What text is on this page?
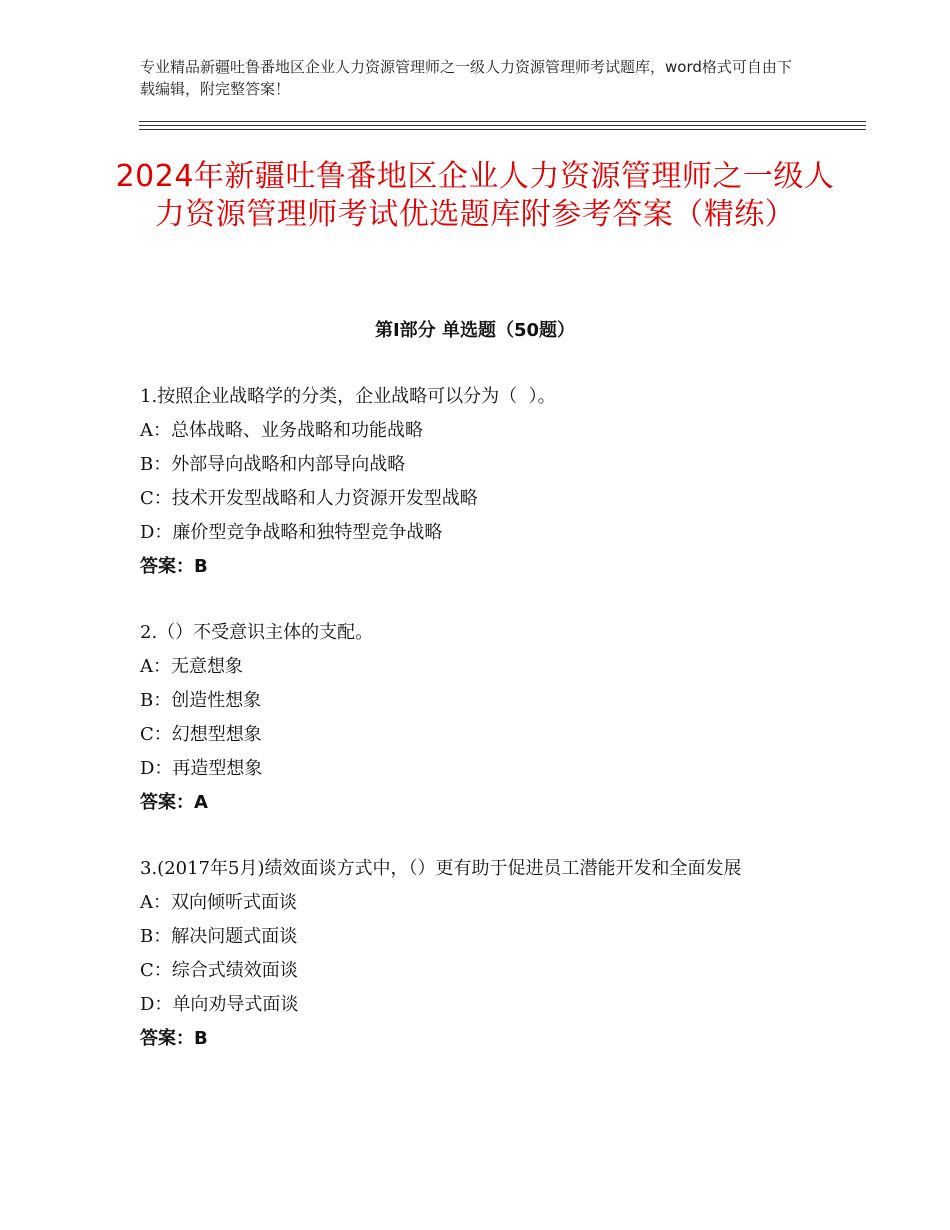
专业精品新疆吐鲁番地区企业人力资源管理师之一级人力资源管理师考试题库，word格式可自由下载编辑，附完整答案！
2024年新疆吐鲁番地区企业人力资源管理师之一级人力资源管理师考试优选题库附参考答案（精练）
第Ⅰ部分 单选题（50题）
1.按照企业战略学的分类，企业战略可以分为（  ）。
A：总体战略、业务战略和功能战略
B：外部导向战略和内部导向战略
C：技术开发型战略和人力资源开发型战略
D：廉价型竞争战略和独特型竞争战略
答案：B
2.（）不受意识主体的支配。
A：无意想象
B：创造性想象
C：幻想型想象
D：再造型想象
答案：A
3.(2017年5月)绩效面谈方式中，（）更有助于促进员工潜能开发和全面发展
A：双向倾听式面谈
B：解决问题式面谈
C：综合式绩效面谈
D：单向劝导式面谈
答案：B
